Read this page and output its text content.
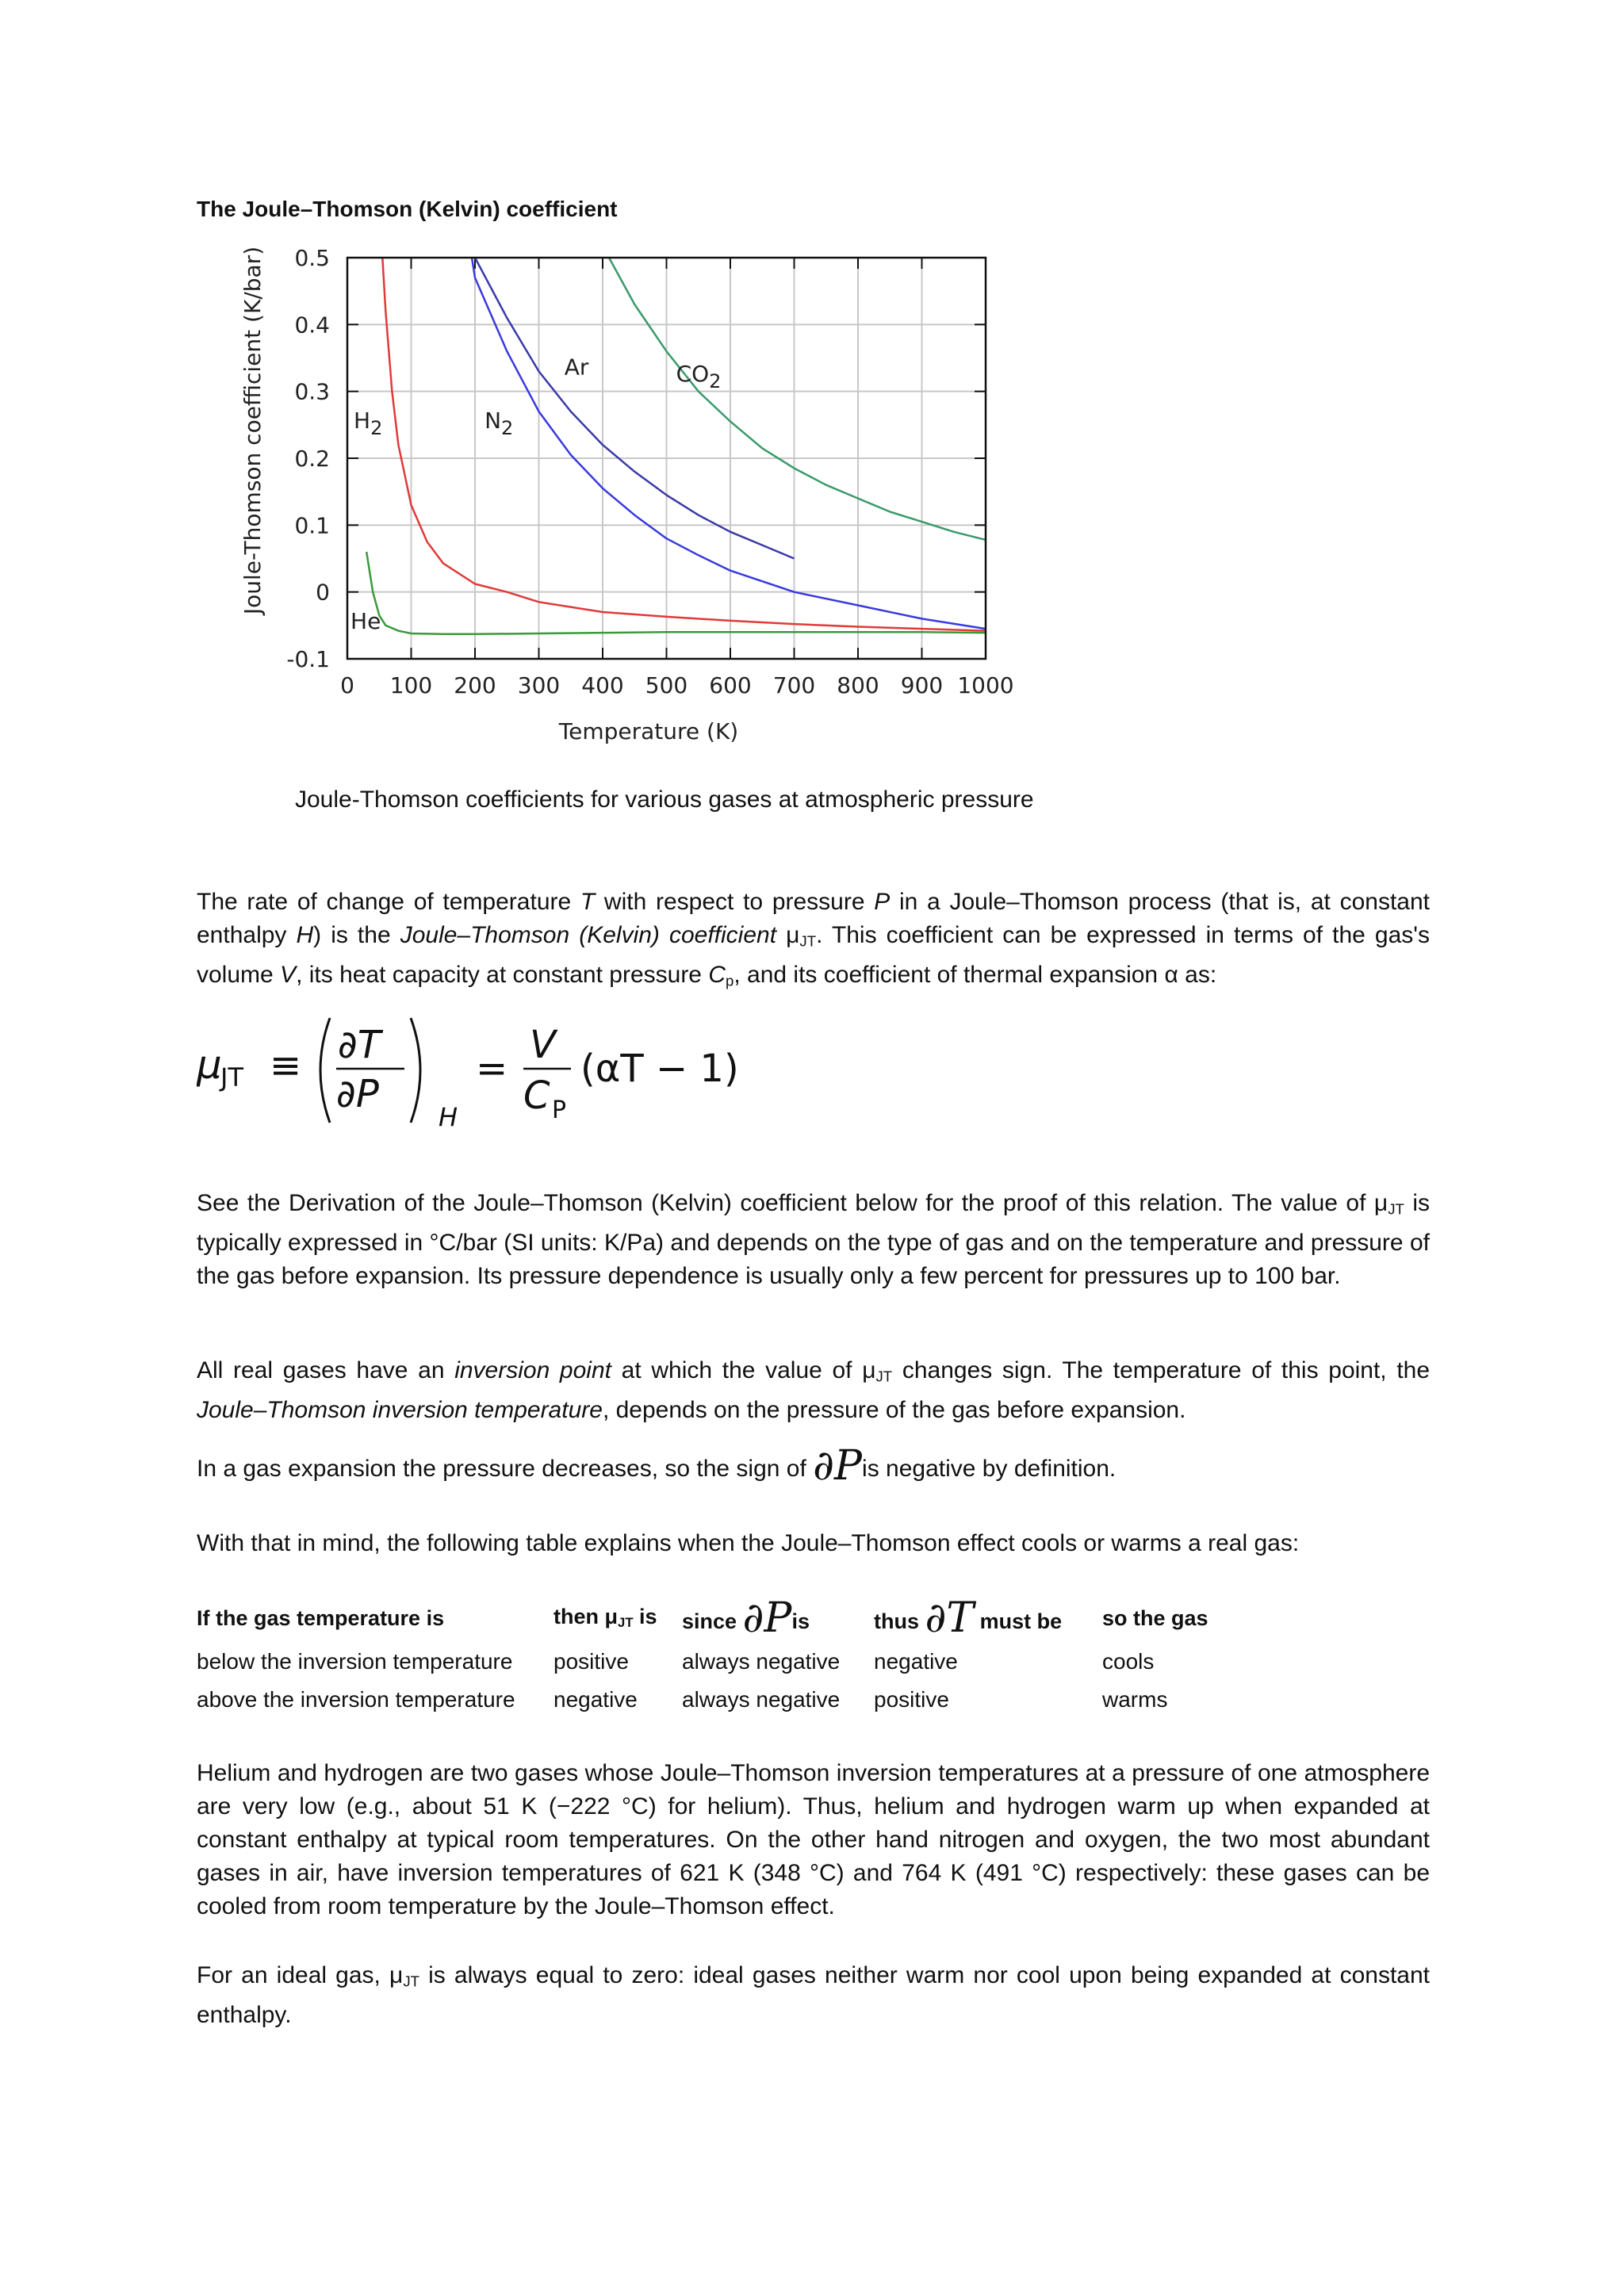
The Joule–Thomson (Kelvin) coefficient
0 100 200 300 400 500 600 700 800 900 1000
0.5
0.4
0.3
0.2
0.1
0
-0.1
H2	N2
Ar	CO2
He
Temperature (K)
Joule-Thomson coefficient (K/bar)
Joule-Thomson coefficients for various gases at atmospheric pressure
The rate of change of temperature T with respect to pressure P in a Joule–Thomson process (that is, at constant enthalpy H) is the Joule–Thomson (Kelvin) coefficient $\mu_{JT}$. This coefficient can be expressed in terms of the gas's volume V, its heat capacity at constant pressure $C_p$, and its coefficient of thermal expansion α as:
μ
JT ≡ ∂T
∂P
H
=
V
C P
(αT − 1)
See the Derivation of the Joule–Thomson (Kelvin) coefficient below for the proof of this relation. The value of $\mu_{JT}$ is typically expressed in °C/bar (SI units: K/Pa) and depends on the type of gas and on the temperature and pressure of the gas before expansion. Its pressure dependence is usually only a few percent for pressures up to 100 bar.
All real gases have an inversion point at which the value of $\mu_{JT}$ changes sign. The temperature of this point, the Joule–Thomson inversion temperature, depends on the pressure of the gas before expansion.
In a gas expansion the pressure decreases, so the sign of ∂Pis negative by definition.
With that in mind, the following table explains when the Joule–Thomson effect cools or warms a real gas:
If the gas temperature is	then $\mu_{JT}$ is	since ∂Pis	thus ∂T must be	so the gas
below the inversion temperature	positive	always negative	negative	cools
above the inversion temperature	negative	always negative	positive	warms
Helium and hydrogen are two gases whose Joule–Thomson inversion temperatures at a pressure of one atmosphere are very low (e.g., about 51 K (−222 °C) for helium). Thus, helium and hydrogen warm up when expanded at constant enthalpy at typical room temperatures. On the other hand nitrogen and oxygen, the two most abundant gases in air, have inversion temperatures of 621 K (348 °C) and 764 K (491 °C) respectively: these gases can be cooled from room temperature by the Joule–Thomson effect.
For an ideal gas, $\mu_{JT}$ is always equal to zero: ideal gases neither warm nor cool upon being expanded at constant enthalpy.
